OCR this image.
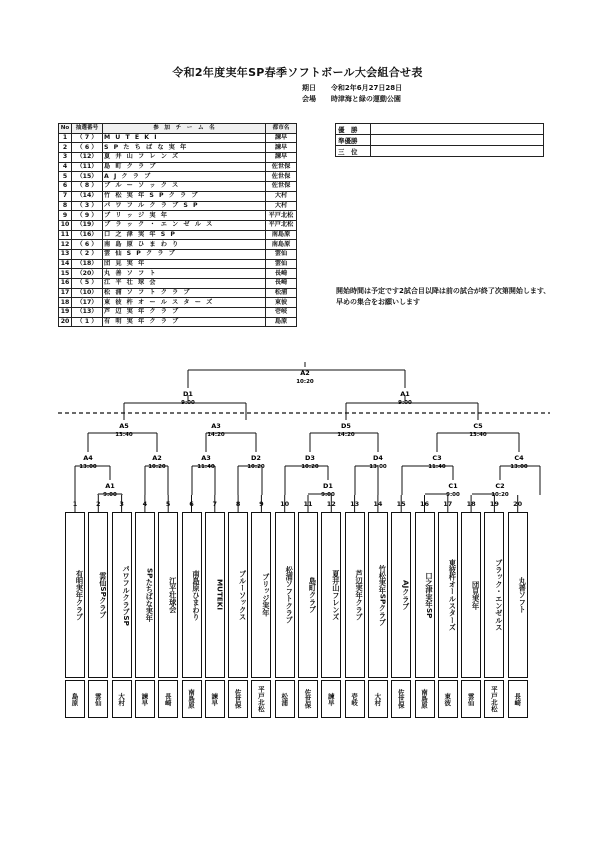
令和2年度実年SP春季ソフトボール大会組合せ表
期日 令和2年6月27日28日
会場 時津海と緑の運動公園
No	抽選番号	参　加　チ　ー　ム　名	都市名
1	（ 7 ）	M U T E K I	諫早
2	（ 6 ）	S P た ち ば な 実 年	諫早
3	（12）	夏 井 山 フ レ ン ズ	諫早
4	（11）	島 町 ク ラ ブ	佐世保
5	（15）	A J ク ラ ブ	佐世保
6	（ 8 ）	ブ ル ー ソ ッ ク ス	佐世保
7	（14）	竹 松 実 年 S P ク ラ ブ	大村
8	（ 3 ）	パ ワ フ ル ク ラ ブ S P	大村
9	（ 9 ）	ブ リ ッ ジ 実 年	平戸北松
10	（19）	ブ ラ ッ ク ・ エ ン ゼ ル ス	平戸北松
11	（16）	口 之 津 実 年 S P	南島原
12	（ 6 ）	南 島 原 ひ ま わ り	南島原
13	（ 2 ）	雲 仙 S P ク ラ ブ	雲仙
14	（18）	団 見 実 年	雲仙
15	（20）	丸 善 ソ フ ト	長崎
16	（ 5 ）	江 平 壮 球 会	長崎
17	（10）	松 浦 ソ フ ト ク ラ ブ	松浦
18	（17）	東 彼 杵 オ ー ル ス タ ー ズ	東彼
19	（13）	芦 辺 実 年 ク ラ ブ	壱岐
20	（ 1 ）	有 明 実 年 ク ラ ブ	島原
優　勝	
準優勝	
三　位	
開始時間は予定です2試合目以降は前の試合が終了次第開始します、早めの集合をお願いします
A2
10:20
D1
9:00
A1
9:00
A5
13:40
A3
14:20
D5
14:20
C5
13:40
A4
13:00
A1
9:00
A2
10:20
A3
11:40
D2
10:20
D3
10:20
D1
9:00
D4
13:00
C3
11:40
C1
9:00
C4
13:00
C2
10:20
1
有明実年クラブ
島原
2
雲仙SPクラブ
雲仙
3
パワフルクラブSP
大村
4
SPたちばな実年
諫早
5
江平壮球会
長崎
6
南島原ひまわり
南島原
7
MUTEKI
諫早
8
ブルーソックス
佐世保
9
ブリッジ実年
平戸北松
10
松浦ソフトクラブ
松浦
11
島町クラブ
佐世保
12
夏井山フレンズ
諫早
13
芦辺実年クラブ
壱岐
14
竹松実年SPクラブ
大村
15
AJクラブ
佐世保
16
口之津実年SP
南島原
17
東彼杵オールスターズ
東彼
18
団見実年
雲仙
19
ブラック・エンゼルス
平戸北松
20
丸善ソフト
長崎
